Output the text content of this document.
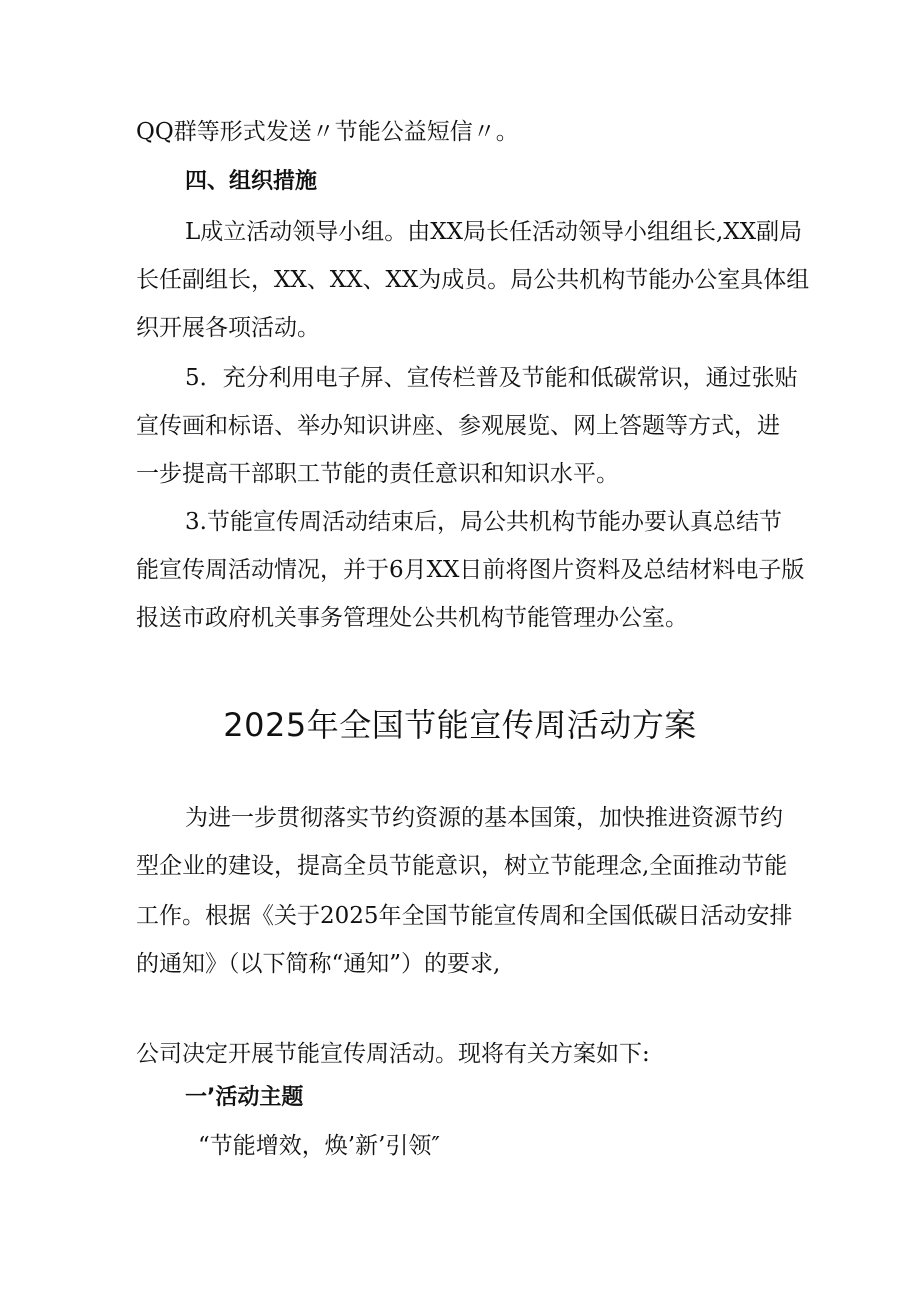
QQ群等形式发送〃节能公益短信〃。
四、组织措施
L成立活动领导小组。由XX局长任活动领导小组组长,XX副局
长任副组长，XX、XX、XX为成员。局公共机构节能办公室具体组
织开展各项活动。
5．充分利用电子屏、宣传栏普及节能和低碳常识，通过张贴
宣传画和标语、举办知识讲座、参观展览、网上答题等方式，进
一步提高干部职工节能的责任意识和知识水平。
3.节能宣传周活动结束后，局公共机构节能办要认真总结节
能宣传周活动情况，并于6月XX日前将图片资料及总结材料电子版
报送市政府机关事务管理处公共机构节能管理办公室。
2025年全国节能宣传周活动方案
为进一步贯彻落实节约资源的基本国策，加快推进资源节约
型企业的建设，提高全员节能意识，树立节能理念,全面推动节能
工作。根据《关于2025年全国节能宣传周和全国低碳日活动安排
的通知》（以下简称“通知”）的要求,
公司决定开展节能宣传周活动。现将有关方案如下:
一’活动主题
“节能增效，焕’新’引领″
